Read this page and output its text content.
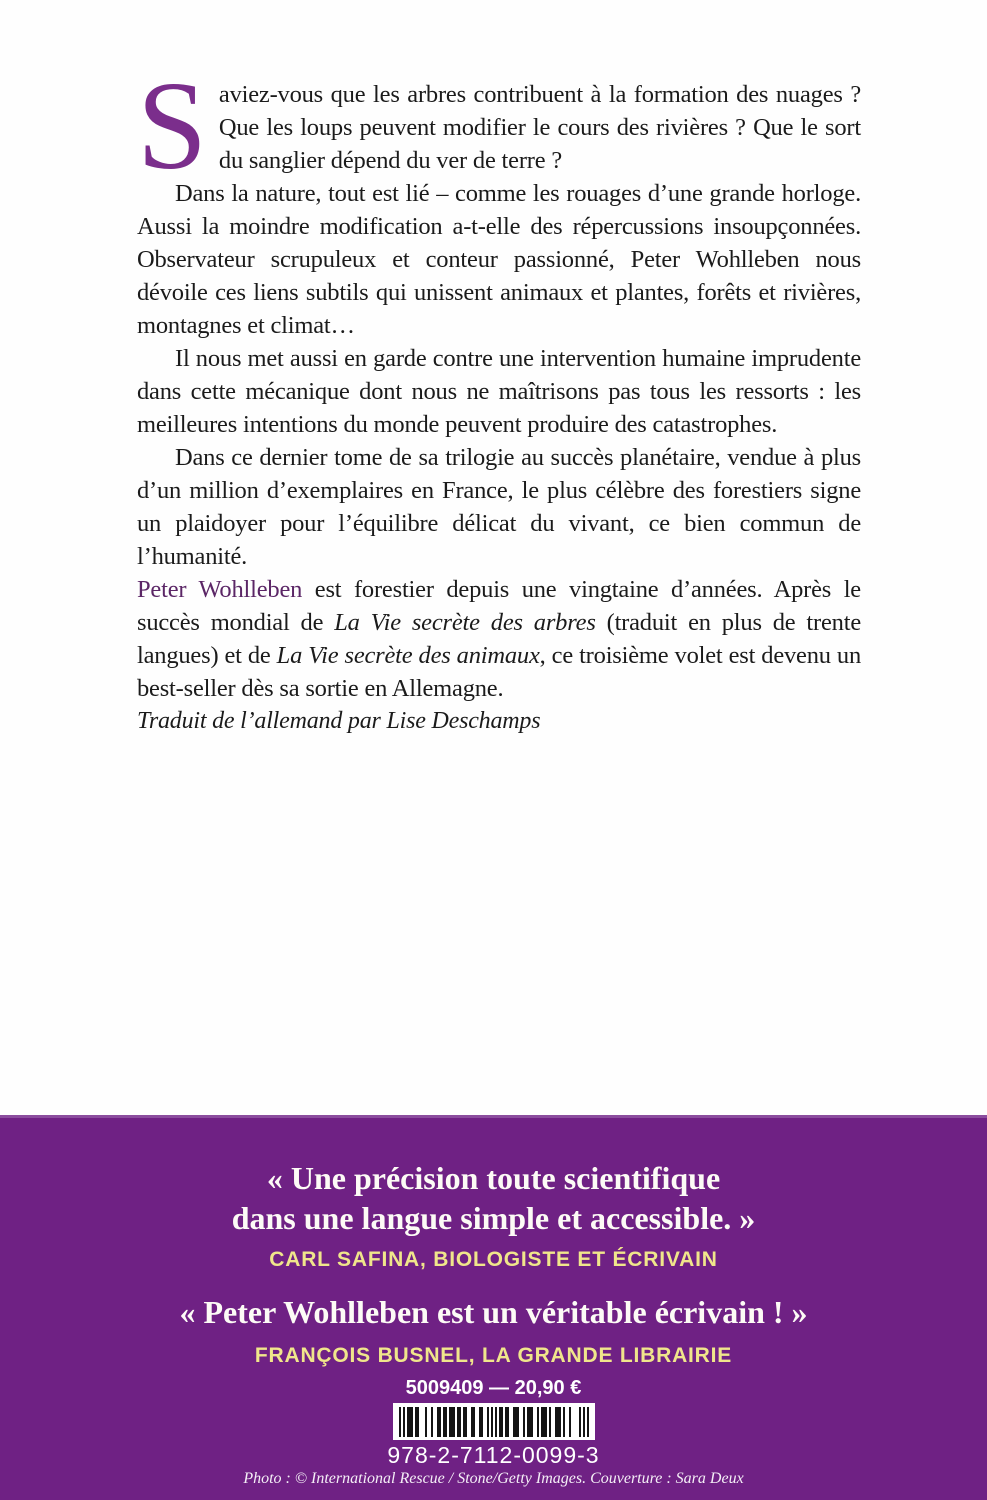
Saviez-vous que les arbres contribuent à la formation des nuages ? Que les loups peuvent modifier le cours des rivières ? Que le sort du sanglier dépend du ver de terre ?

Dans la nature, tout est lié – comme les rouages d’une grande horloge. Aussi la moindre modification a-t-elle des répercussions insoupçonnées. Observateur scrupuleux et conteur passionné, Peter Wohlleben nous dévoile ces liens subtils qui unissent animaux et plantes, forêts et rivières, montagnes et climat…

Il nous met aussi en garde contre une intervention humaine imprudente dans cette mécanique dont nous ne maîtrisons pas tous les ressorts : les meilleures intentions du monde peuvent produire des catastrophes.

Dans ce dernier tome de sa trilogie au succès planétaire, vendue à plus d’un million d’exemplaires en France, le plus célèbre des forestiers signe un plaidoyer pour l’équilibre délicat du vivant, ce bien commun de l’humanité.

Peter Wohlleben est forestier depuis une vingtaine d’années. Après le succès mondial de La Vie secrète des arbres (traduit en plus de trente langues) et de La Vie secrète des animaux, ce troisième volet est devenu un best-seller dès sa sortie en Allemagne.

Traduit de l’allemand par Lise Deschamps

« Une précision toute scientifique
dans une langue simple et accessible. »
CARL SAFINA, BIOLOGISTE ET ÉCRIVAIN
« Peter Wohlleben est un véritable écrivain ! »
FRANÇOIS BUSNEL, LA GRANDE LIBRAIRIE
5009409 — 20,90 €
978-2-7112-0099-3
Photo : © International Rescue / Stone/Getty Images. Couverture : Sara Deux
